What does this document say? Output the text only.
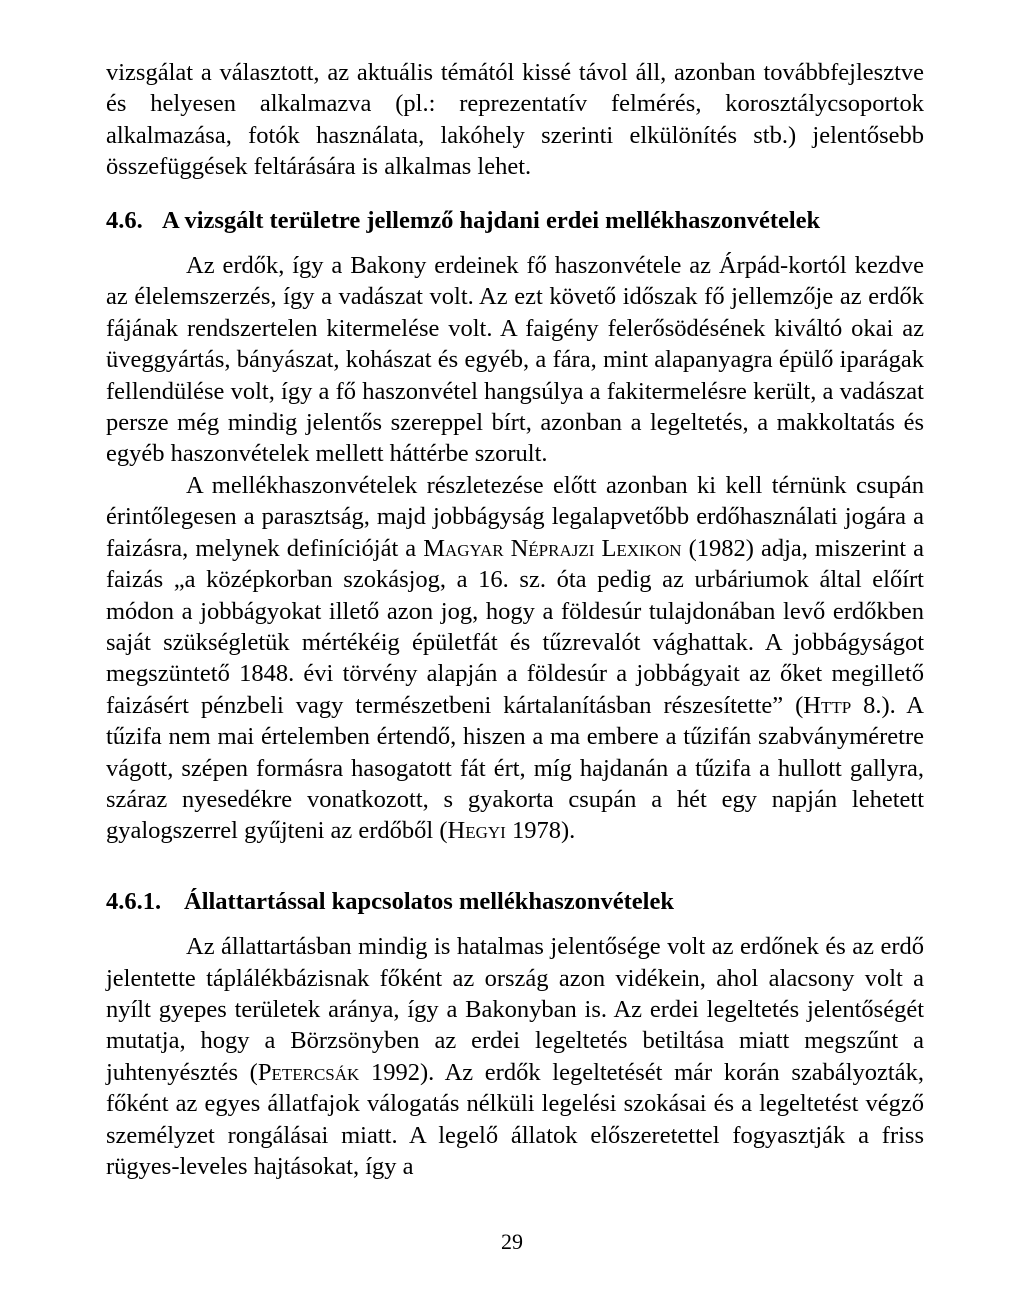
vizsgálat a választott, az aktuális témától kissé távol áll, azonban továbbfejlesztve és helyesen alkalmazva (pl.: reprezentatív felmérés, korosztálycsoportok alkalmazása, fotók használata, lakóhely szerinti elkülönítés stb.) jelentősebb összefüggések feltárására is alkalmas lehet.

4.6. A vizsgált területre jellemző hajdani erdei mellékhaszonvételek

Az erdők, így a Bakony erdeinek fő haszonvétele az Árpád-kortól kezdve az élelemszerzés, így a vadászat volt. Az ezt követő időszak fő jellemzője az erdők fájának rendszertelen kitermelése volt. A faigény felerősödésének kiváltó okai az üveggyártás, bányászat, kohászat és egyéb, a fára, mint alapanyagra épülő iparágak fellendülése volt, így a fő haszonvétel hangsúlya a fakitermelésre került, a vadászat persze még mindig jelentős szereppel bírt, azonban a legeltetés, a makkoltatás és egyéb haszonvételek mellett háttérbe szorult.

A mellékhaszonvételek részletezése előtt azonban ki kell térnünk csupán érintőlegesen a parasztság, majd jobbágyság legalapvetőbb erdőhasználati jogára a faizásra, melynek definícióját a Magyar Néprajzi Lexikon (1982) adja, miszerint a faizás „a középkorban szokásjog, a 16. sz. óta pedig az urbáriumok által előírt módon a jobbágyokat illető azon jog, hogy a földesúr tulajdonában levő erdőkben saját szükségletük mértékéig épületfát és tűzrevalót vághattak. A jobbágyságot megszüntető 1848. évi törvény alapján a földesúr a jobbágyait az őket megillető faizásért pénzbeli vagy természetbeni kártalanításban részesítette” (Http 8.). A tűzifa nem mai értelemben értendő, hiszen a ma embere a tűzifán szabványméretre vágott, szépen formásra hasogatott fát ért, míg hajdanán a tűzifa a hullott gallyra, száraz nyesedékre vonatkozott, s gyakorta csupán a hét egy napján lehetett gyalogszerrel gyűjteni az erdőből (Hegyi 1978).

4.6.1. Állattartással kapcsolatos mellékhaszonvételek

Az állattartásban mindig is hatalmas jelentősége volt az erdőnek és az erdő jelentette táplálékbázisnak főként az ország azon vidékein, ahol alacsony volt a nyílt gyepes területek aránya, így a Bakonyban is. Az erdei legeltetés jelentőségét mutatja, hogy a Börzsönyben az erdei legeltetés betiltása miatt megszűnt a juhtenyésztés (Petercsák 1992). Az erdők legeltetését már korán szabályozták, főként az egyes állatfajok válogatás nélküli legelési szokásai és a legeltetést végző személyzet rongálásai miatt. A legelő állatok előszeretettel fogyasztják a friss rügyes-leveles hajtásokat, így a

29
